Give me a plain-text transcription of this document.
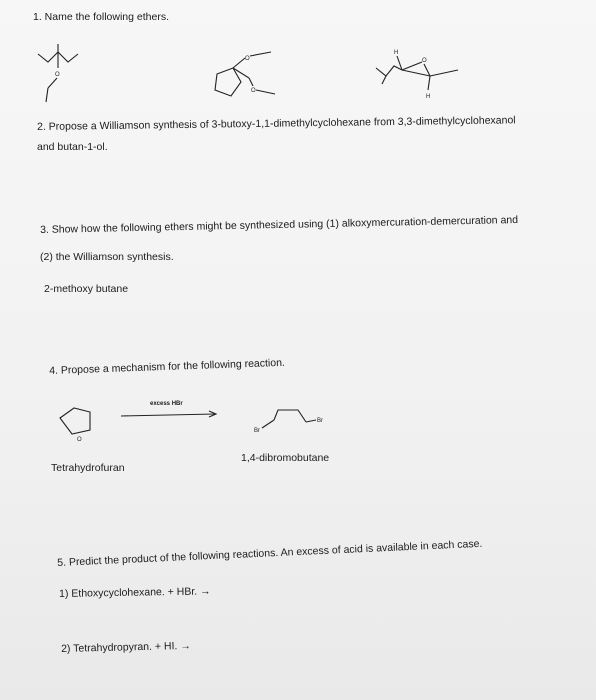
1. Name the following ethers.
O
O
O
H
O
H
2. Propose a Williamson synthesis of 3-butoxy-1,1-dimethylcyclohexane from 3,3-dimethylcyclohexanol
and butan-1-ol.
3. Show how the following ethers might be synthesized using (1) alkoxymercuration-demercuration and
(2) the Williamson synthesis.
2-methoxy butane
4. Propose a mechanism for the following reaction.
O
excess HBr
Br
Br
Tetrahydrofuran
1,4-dibromobutane
5. Predict the product of the following reactions. An excess of acid is available in each case.
1) Ethoxycyclohexane. + HBr. →
2) Tetrahydropyran. + HI. →
